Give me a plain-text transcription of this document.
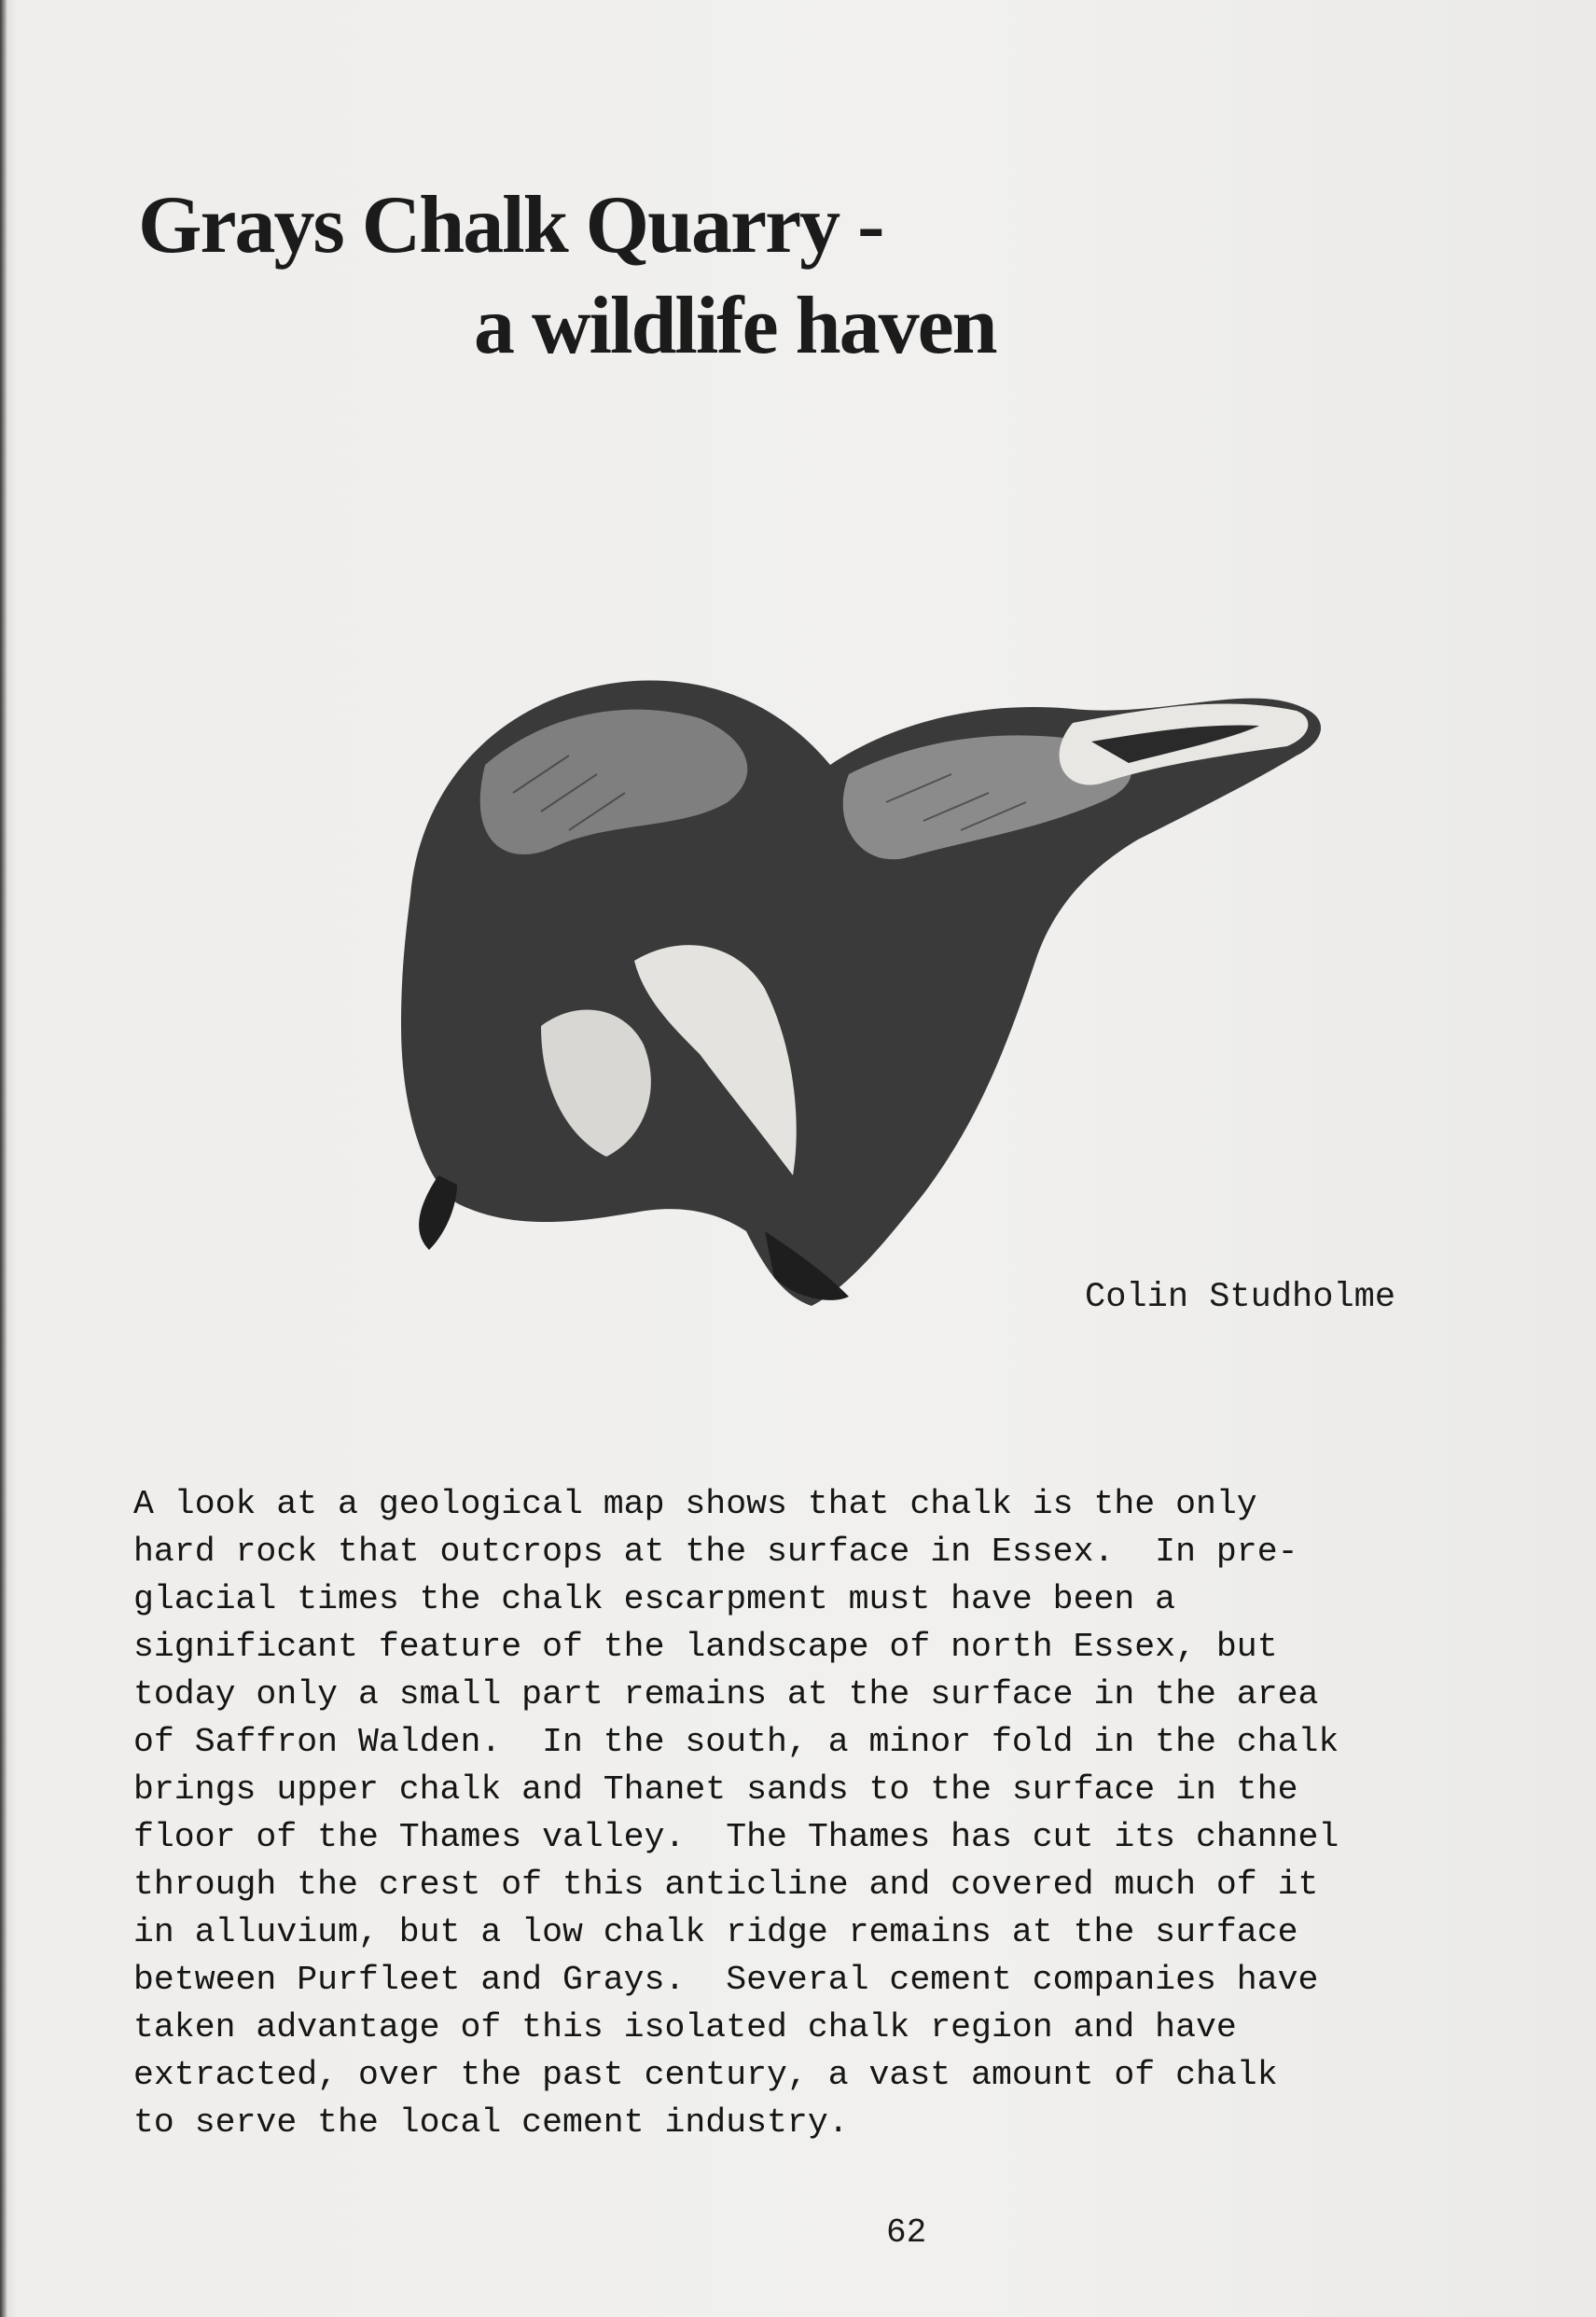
Grays Chalk Quarry -
a wildlife haven
Colin Studholme
A look at a geological map shows that chalk is the only
hard rock that outcrops at the surface in Essex.  In pre-
glacial times the chalk escarpment must have been a
significant feature of the landscape of north Essex, but
today only a small part remains at the surface in the area
of Saffron Walden.  In the south, a minor fold in the chalk
brings upper chalk and Thanet sands to the surface in the
floor of the Thames valley.  The Thames has cut its channel
through the crest of this anticline and covered much of it
in alluvium, but a low chalk ridge remains at the surface
between Purfleet and Grays.  Several cement companies have
taken advantage of this isolated chalk region and have
extracted, over the past century, a vast amount of chalk
to serve the local cement industry.
62
